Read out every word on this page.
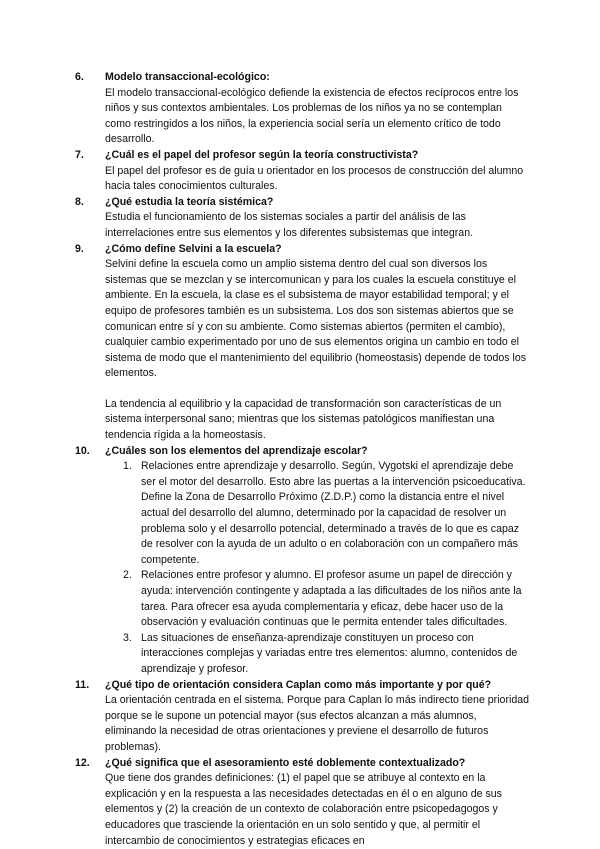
6. Modelo transaccional-ecológico:
El modelo transaccional-ecológico defiende la existencia de efectos recíprocos entre los niños y sus contextos ambientales. Los problemas de los niños ya no se contemplan como restringidos a los niños, la experiencia social sería un elemento crítico de todo desarrollo.
7. ¿Cuál es el papel del profesor según la teoría constructivista?
El papel del profesor es de guía u orientador en los procesos de construcción del alumno hacia tales conocimientos culturales.
8. ¿Qué estudia la teoría sistémica?
Estudia el funcionamiento de los sistemas sociales a partir del análisis de las interrelaciones entre sus elementos y los diferentes subsistemas que integran.
9. ¿Cómo define Selvini a la escuela?
Selvini define la escuela como un amplio sistema dentro del cual son diversos los sistemas que se mezclan y se intercomunican y para los cuales la escuela constituye el ambiente. En la escuela, la clase es el subsistema de mayor estabilidad temporal; y el equipo de profesores también es un subsistema. Los dos son sistemas abiertos que se comunican entre sí y con su ambiente. Como sistemas abiertos (permiten el cambio), cualquier cambio experimentado por uno de sus elementos origina un cambio en todo el sistema de modo que el mantenimiento del equilibrio (homeostasis) depende de todos los elementos.
La tendencia al equilibrio y la capacidad de transformación son características de un sistema interpersonal sano; mientras que los sistemas patológicos manifiestan una tendencia rígida a la homeostasis.
10. ¿Cuáles son los elementos del aprendizaje escolar?
1. Relaciones entre aprendizaje y desarrollo. Según, Vygotski el aprendizaje debe ser el motor del desarrollo. Esto abre las puertas a la intervención psicoeducativa. Define la Zona de Desarrollo Próximo (Z.D.P.) como la distancia entre el nivel actual del desarrollo del alumno, determinado por la capacidad de resolver un problema solo y el desarrollo potencial, determinado a través de lo que es capaz de resolver con la ayuda de un adulto o en colaboración con un compañero más competente.
2. Relaciones entre profesor y alumno. El profesor asume un papel de dirección y ayuda: intervención contingente y adaptada a las dificultades de los niños ante la tarea. Para ofrecer esa ayuda complementaria y eficaz, debe hacer uso de la observación y evaluación continuas que le permita entender tales dificultades.
3. Las situaciones de enseñanza-aprendizaje constituyen un proceso con interacciones complejas y variadas entre tres elementos: alumno, contenidos de aprendizaje y profesor.
11. ¿Qué tipo de orientación considera Caplan como más importante y por qué?
La orientación centrada en el sistema. Porque para Caplan lo más indirecto tiene prioridad porque se le supone un potencial mayor (sus efectos alcanzan a más alumnos, eliminando la necesidad de otras orientaciones y previene el desarrollo de futuros problemas).
12. ¿Qué significa que el asesoramiento esté doblemente contextualizado?
Que tiene dos grandes definiciones: (1) el papel que se atribuye al contexto en la explicación y en la respuesta a las necesidades detectadas en él o en alguno de sus elementos y (2) la creación de un contexto de colaboración entre psicopedagogos y educadores que trasciende la orientación en un solo sentido y que, al permitir el intercambio de conocimientos y estrategias eficaces en
